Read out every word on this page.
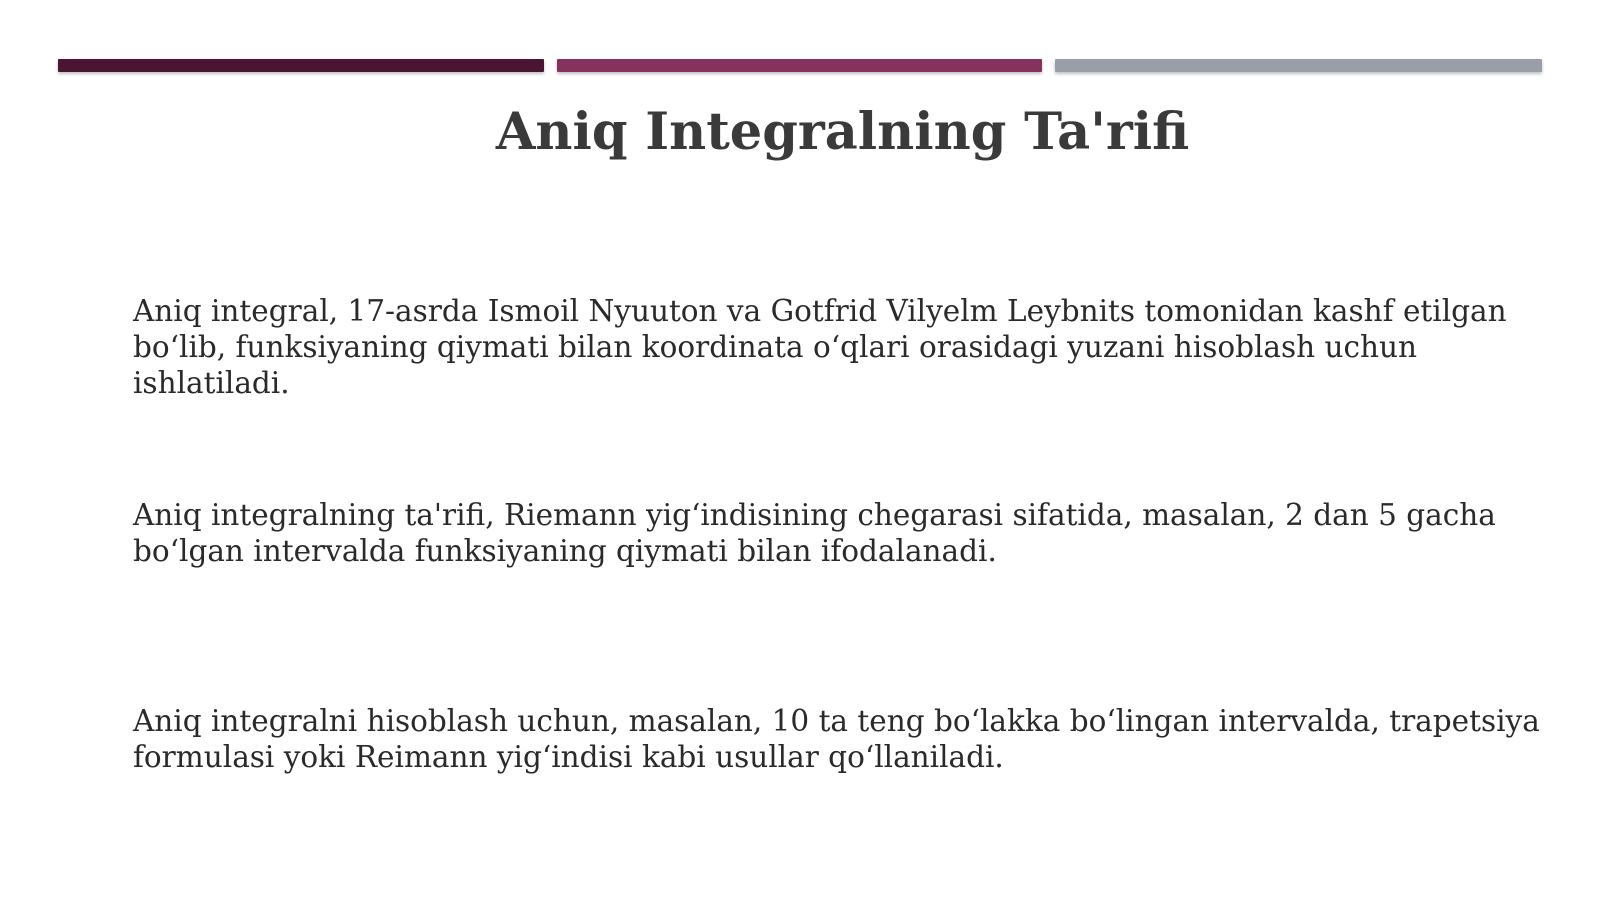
Aniq Integralning Ta'rifi

Aniq integral, 17-asrda Ismoil Nyuuton va Gotfrid Vilyelm Leybnits tomonidan kashf etilgan
bo‘lib, funksiyaning qiymati bilan koordinata o‘qlari orasidagi yuzani hisoblash uchun
ishlatiladi.

Aniq integralning ta'rifi, Riemann yig‘indisining chegarasi sifatida, masalan, 2 dan 5 gacha
bo‘lgan intervalda funksiyaning qiymati bilan ifodalanadi.

Aniq integralni hisoblash uchun, masalan, 10 ta teng bo‘lakka bo‘lingan intervalda, trapetsiya
formulasi yoki Reimann yig‘indisi kabi usullar qo‘llaniladi.
